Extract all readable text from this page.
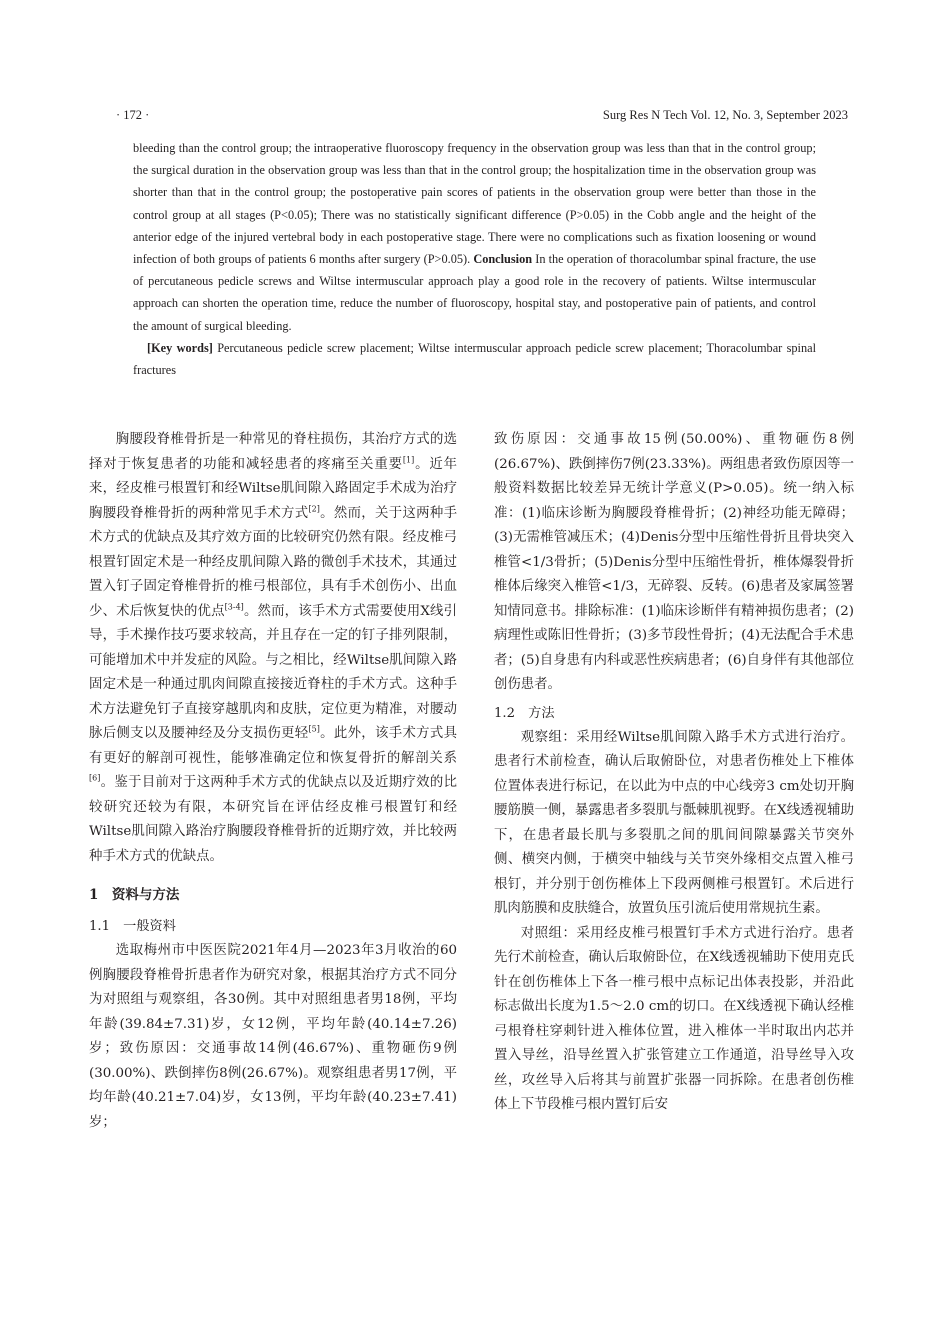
· 172 ·	Surg Res N Tech Vol. 12, No. 3, September 2023

bleeding than the control group; the intraoperative fluoroscopy frequency in the observation group was less than that in the control group; the surgical duration in the observation group was less than that in the control group; the hospitalization time in the observation group was shorter than that in the control group; the postoperative pain scores of patients in the observation group were better than those in the control group at all stages (P<0.05); There was no statistically significant difference (P>0.05) in the Cobb angle and the height of the anterior edge of the injured vertebral body in each postoperative stage. There were no complications such as fixation loosening or wound infection of both groups of patients 6 months after surgery (P>0.05). Conclusion In the operation of thoracolumbar spinal fracture, the use of percutaneous pedicle screws and Wiltse intermuscular approach play a good role in the recovery of patients. Wiltse intermuscular approach can shorten the operation time, reduce the number of fluoroscopy, hospital stay, and postoperative pain of patients, and control the amount of surgical bleeding.

[Key words] Percutaneous pedicle screw placement; Wiltse intermuscular approach pedicle screw placement; Thoracolumbar spinal fractures

胸腰段脊椎骨折是一种常见的脊柱损伤，其治疗方式的选择对于恢复患者的功能和减轻患者的疼痛至关重要[1]。近年来，经皮椎弓根置钉和经Wiltse肌间隙入路固定手术成为治疗胸腰段脊椎骨折的两种常见手术方式[2]。然而，关于这两种手术方式的优缺点及其疗效方面的比较研究仍然有限。经皮椎弓根置钉固定术是一种经皮肌间隙入路的微创手术技术，其通过置入钉子固定脊椎骨折的椎弓根部位，具有手术创伤小、出血少、术后恢复快的优点[3-4]。然而，该手术方式需要使用X线引导，手术操作技巧要求较高，并且存在一定的钉子排列限制，可能增加术中并发症的风险。与之相比，经Wiltse肌间隙入路固定术是一种通过肌肉间隙直接接近脊柱的手术方式。这种手术方法避免钉子直接穿越肌肉和皮肤，定位更为精准，对腰动脉后侧支以及腰神经及分支损伤更轻[5]。此外，该手术方式具有更好的解剖可视性，能够准确定位和恢复骨折的解剖关系[6]。鉴于目前对于这两种手术方式的优缺点以及近期疗效的比较研究还较为有限，本研究旨在评估经皮椎弓根置钉和经Wiltse肌间隙入路治疗胸腰段脊椎骨折的近期疗效，并比较两种手术方式的优缺点。

1　资料与方法
1.1　一般资料

选取梅州市中医医院2021年4月—2023年3月收治的60例胸腰段脊椎骨折患者作为研究对象，根据其治疗方式不同分为对照组与观察组，各30例。其中对照组患者男18例，平均年龄(39.84±7.31)岁，女12例，平均年龄(40.14±7.26)岁；致伤原因：交通事故14例(46.67%)、重物砸伤9例(30.00%)、跌倒摔伤8例(26.67%)。观察组患者男17例，平均年龄(40.21±7.04)岁，女13例，平均年龄(40.23±7.41)岁；

致伤原因：交通事故15例(50.00%)、重物砸伤8例(26.67%)、跌倒摔伤7例(23.33%)。两组患者致伤原因等一般资料数据比较差异无统计学意义(P>0.05)。统一纳入标准：(1)临床诊断为胸腰段脊椎骨折；(2)神经功能无障碍；(3)无需椎管减压术；(4)Denis分型中压缩性骨折且骨块突入椎管<1/3骨折；(5)Denis分型中压缩性骨折，椎体爆裂骨折椎体后缘突入椎管<1/3，无碎裂、反转。(6)患者及家属签署知情同意书。排除标准：(1)临床诊断伴有精神损伤患者；(2)病理性或陈旧性骨折；(3)多节段性骨折；(4)无法配合手术患者；(5)自身患有内科或恶性疾病患者；(6)自身伴有其他部位创伤患者。

1.2　方法

观察组：采用经Wiltse肌间隙入路手术方式进行治疗。患者行术前检查，确认后取俯卧位，对患者伤椎处上下椎体位置体表进行标记，在以此为中点的中心线旁3 cm处切开胸腰筋膜一侧，暴露患者多裂肌与骶棘肌视野。在X线透视辅助下，在患者最长肌与多裂肌之间的肌间间隙暴露关节突外侧、横突内侧，于横突中轴线与关节突外缘相交点置入椎弓根钉，并分别于创伤椎体上下段两侧椎弓根置钉。术后进行肌肉筋膜和皮肤缝合，放置负压引流后使用常规抗生素。

对照组：采用经皮椎弓根置钉手术方式进行治疗。患者先行术前检查，确认后取俯卧位，在X线透视辅助下使用克氏针在创伤椎体上下各一椎弓根中点标记出体表投影，并沿此标志做出长度为1.5～2.0 cm的切口。在X线透视下确认经椎弓根脊柱穿刺针进入椎体位置，进入椎体一半时取出内芯并置入导丝，沿导丝置入扩张管建立工作通道，沿导丝导入攻丝，攻丝导入后将其与前置扩张器一同拆除。在患者创伤椎体上下节段椎弓根内置钉后安
